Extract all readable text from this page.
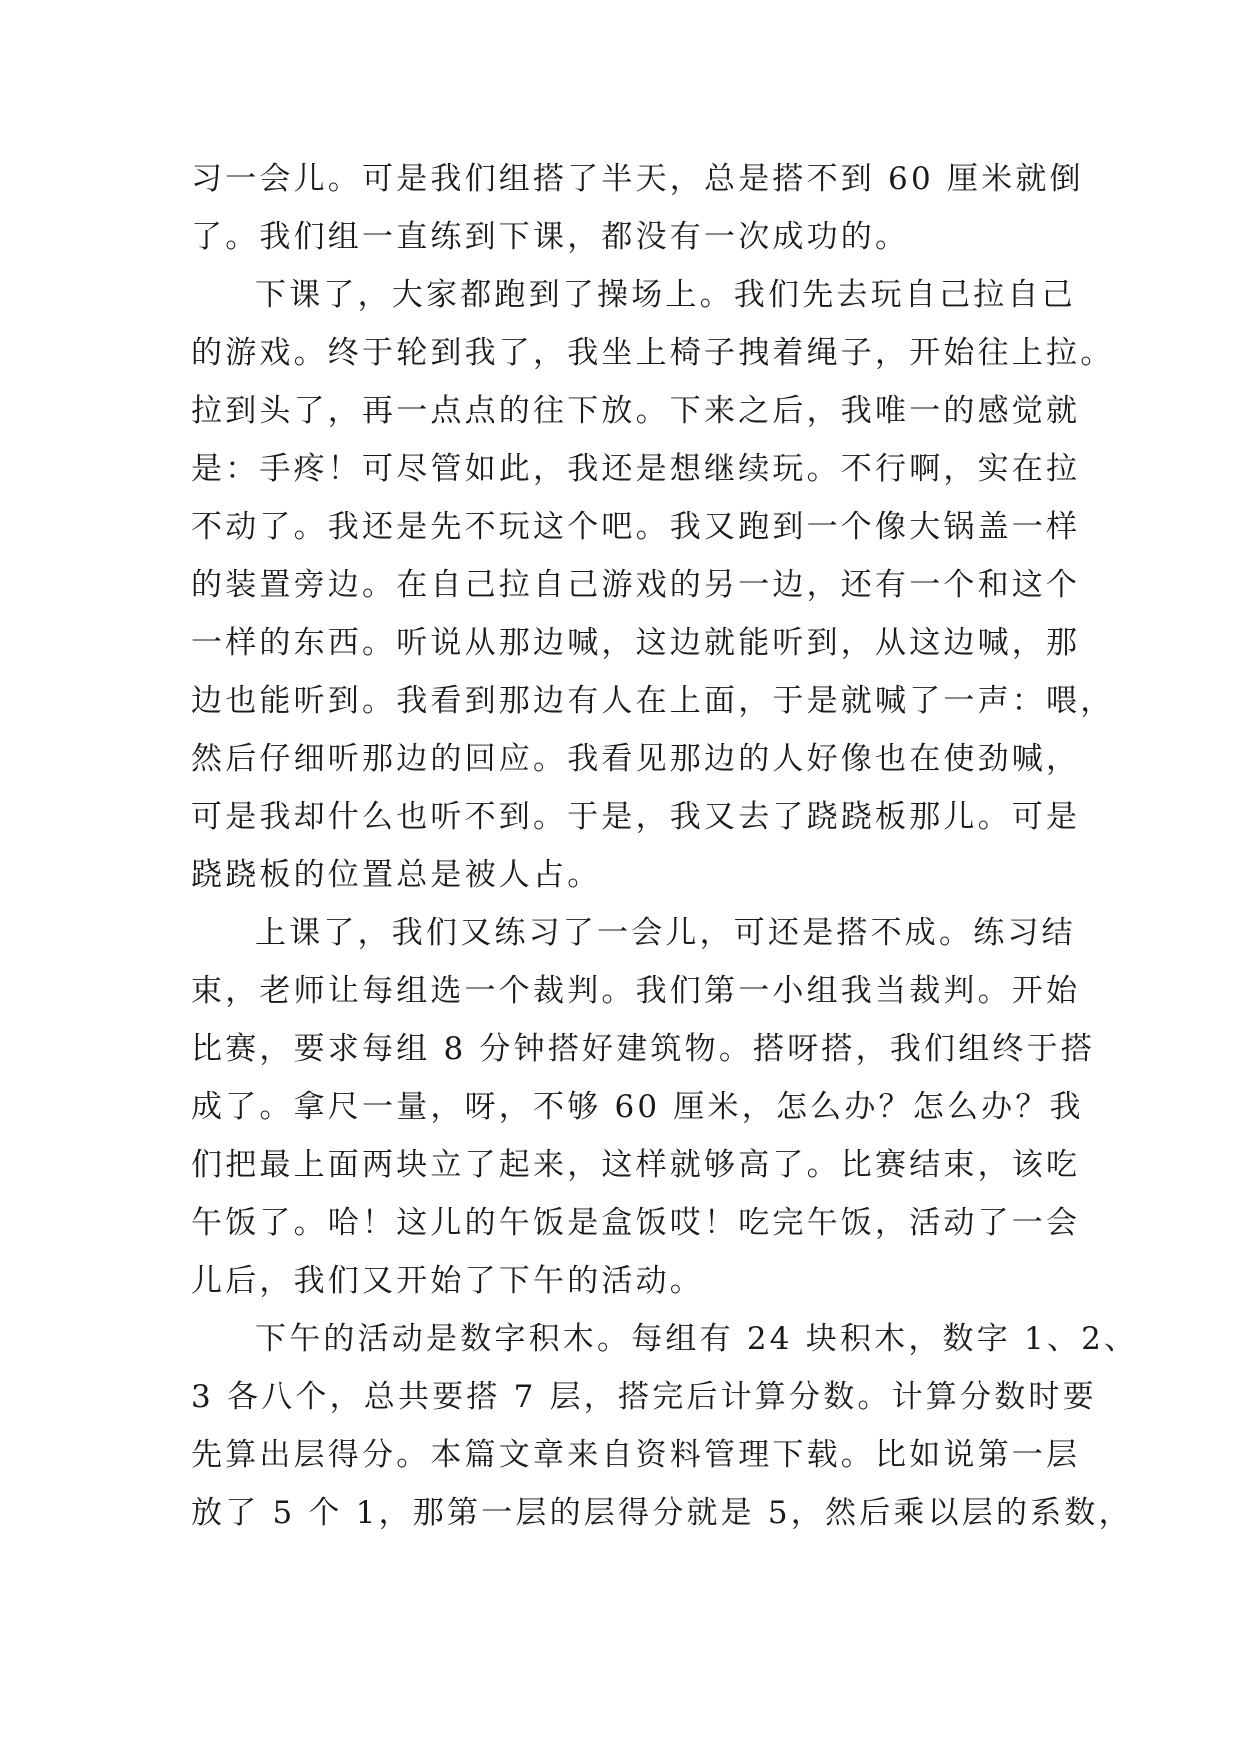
习一会儿。可是我们组搭了半天，总是搭不到 60 厘米就倒
了。我们组一直练到下课，都没有一次成功的。
下课了，大家都跑到了操场上。我们先去玩自己拉自己
的游戏。终于轮到我了，我坐上椅子拽着绳子，开始往上拉。
拉到头了，再一点点的往下放。下来之后，我唯一的感觉就
是：手疼！可尽管如此，我还是想继续玩。不行啊，实在拉
不动了。我还是先不玩这个吧。我又跑到一个像大锅盖一样
的装置旁边。在自己拉自己游戏的另一边，还有一个和这个
一样的东西。听说从那边喊，这边就能听到，从这边喊，那
边也能听到。我看到那边有人在上面，于是就喊了一声：喂，
然后仔细听那边的回应。我看见那边的人好像也在使劲喊，
可是我却什么也听不到。于是，我又去了跷跷板那儿。可是
跷跷板的位置总是被人占。
上课了，我们又练习了一会儿，可还是搭不成。练习结
束，老师让每组选一个裁判。我们第一小组我当裁判。开始
比赛，要求每组 8 分钟搭好建筑物。搭呀搭，我们组终于搭
成了。拿尺一量，呀，不够 60 厘米，怎么办？怎么办？我
们把最上面两块立了起来，这样就够高了。比赛结束，该吃
午饭了。哈！这儿的午饭是盒饭哎！吃完午饭，活动了一会
儿后，我们又开始了下午的活动。
下午的活动是数字积木。每组有 24 块积木，数字 1、2、
3 各八个，总共要搭 7 层，搭完后计算分数。计算分数时要
先算出层得分。本篇文章来自资料管理下载。比如说第一层
放了 5 个 1，那第一层的层得分就是 5，然后乘以层的系数，
